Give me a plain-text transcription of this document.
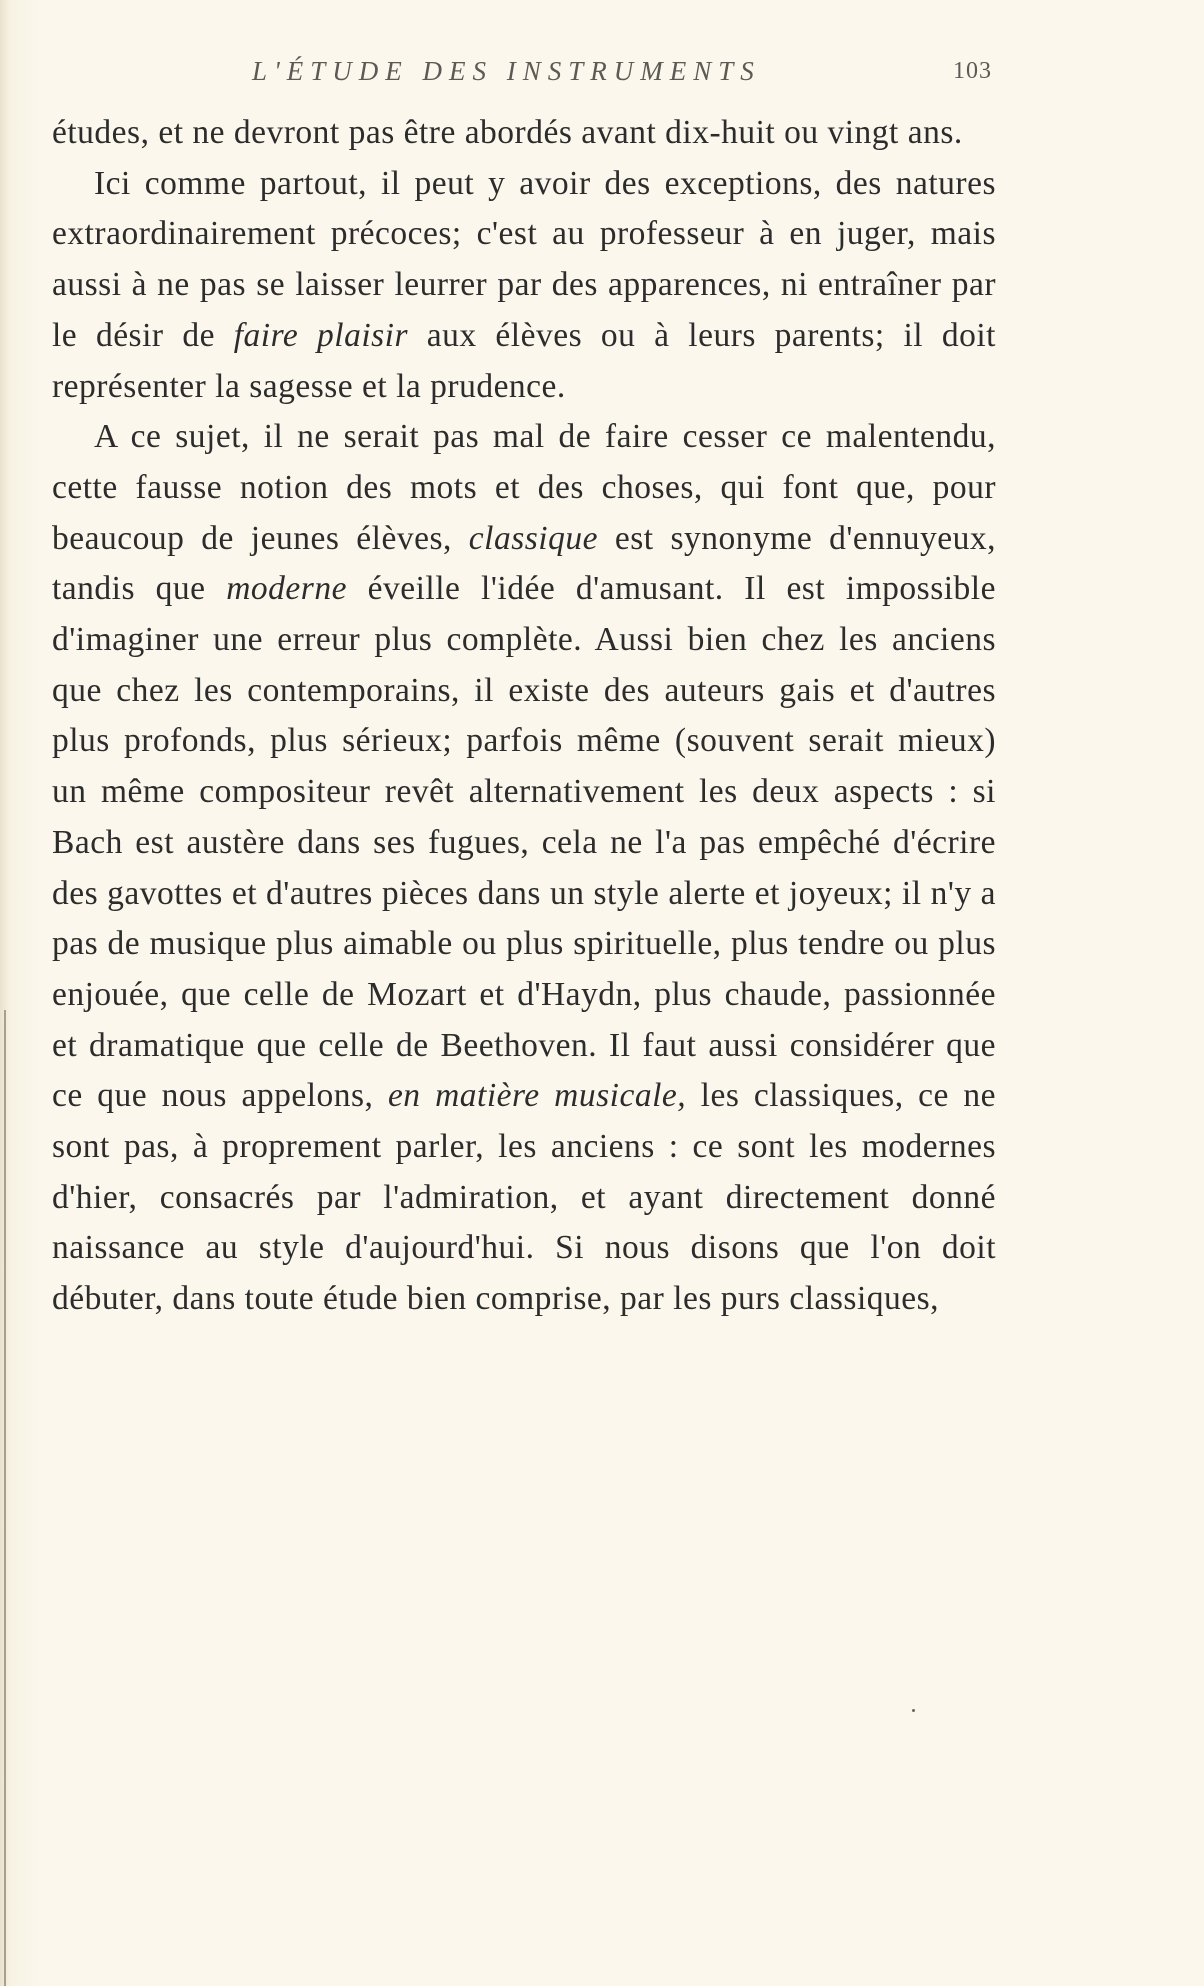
L'ÉTUDE DES INSTRUMENTS	103

études, et ne devront pas être abordés avant dix-huit ou vingt ans.

Ici comme partout, il peut y avoir des exceptions, des natures extraordinairement précoces; c'est au professeur à en juger, mais aussi à ne pas se laisser leurrer par des apparences, ni entraîner par le désir de faire plaisir aux élèves ou à leurs parents; il doit représenter la sagesse et la prudence.

A ce sujet, il ne serait pas mal de faire cesser ce malentendu, cette fausse notion des mots et des choses, qui font que, pour beaucoup de jeunes élèves, classique est synonyme d'ennuyeux, tandis que moderne éveille l'idée d'amusant. Il est impossible d'imaginer une erreur plus complète. Aussi bien chez les anciens que chez les contemporains, il existe des auteurs gais et d'autres plus profonds, plus sérieux; parfois même (souvent serait mieux) un même compositeur revêt alternativement les deux aspects : si Bach est austère dans ses fugues, cela ne l'a pas empêché d'écrire des gavottes et d'autres pièces dans un style alerte et joyeux; il n'y a pas de musique plus aimable ou plus spirituelle, plus tendre ou plus enjouée, que celle de Mozart et d'Haydn, plus chaude, passionnée et dramatique que celle de Beethoven. Il faut aussi considérer que ce que nous appelons, en matière musicale, les classiques, ce ne sont pas, à proprement parler, les anciens : ce sont les modernes d'hier, consacrés par l'admiration, et ayant directement donné naissance au style d'aujourd'hui. Si nous disons que l'on doit débuter, dans toute étude bien comprise, par les purs classiques,
